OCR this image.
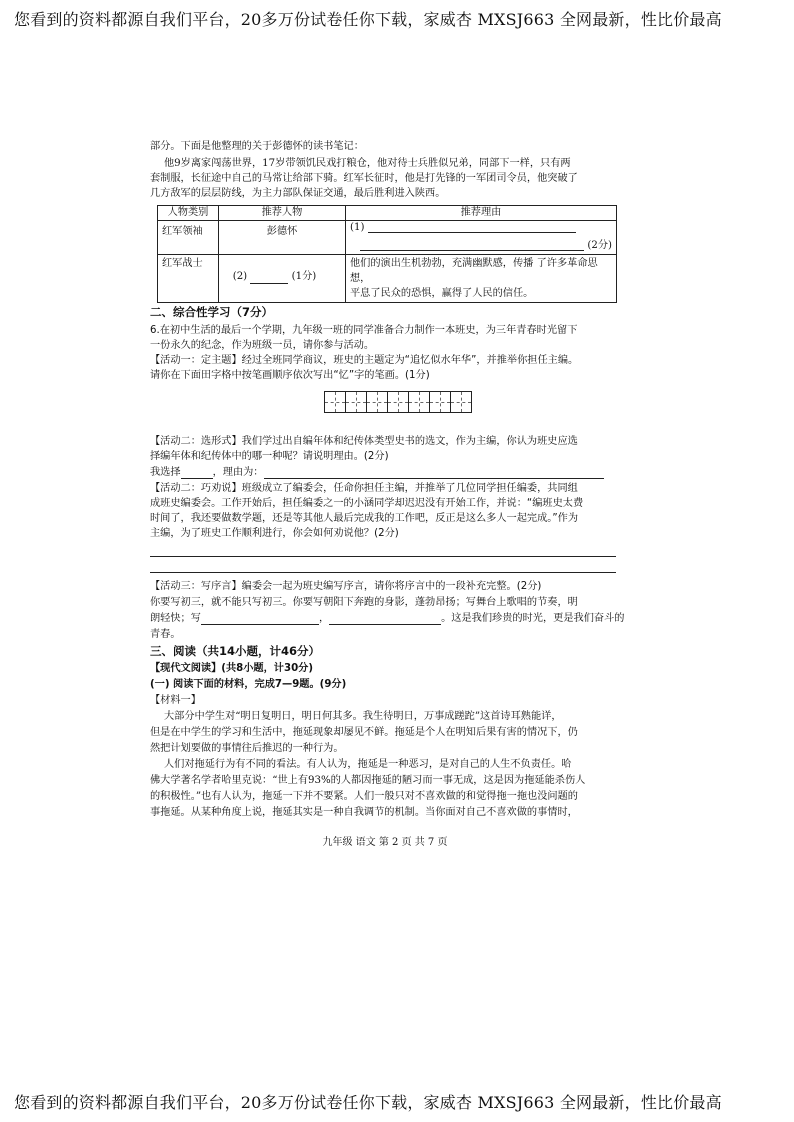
您看到的资料都源自我们平台，20多万份试卷任你下载，家威杏 MXSJ663 全网最新，性比价最高
部分。下面是他整理的关于彭德怀的读书笔记：
他9岁离家闯荡世界，17岁带领饥民戏打粮仓，他对待士兵胜似兄弟，同部下一样，只有两
套制服，长征途中自己的马常让给部下骑。红军长征时，他是打先锋的一军团司令员，他突破了
几方敌军的层层防线，为主力部队保证交通，最后胜利进入陕西。
人物类别	推荐人物	推荐理由
红军领袖	彭德怀	(1)
(2分)

红军战士	(2) (1分)	他们的演出生机勃勃，充满幽默感，传播 了许多革命思想，
平息了民众的恐惧，赢得了人民的信任。
二、综合性学习（7分）
6.在初中生活的最后一个学期，九年级一班的同学准备合力制作一本班史，为三年青春时光留下
一份永久的纪念，作为班级一员，请你参与活动。
【活动一：定主题】经过全班同学商议，班史的主题定为“追忆似水年华”，并推举你担任主编。
请你在下面田字格中按笔画顺序依次写出“忆”字的笔画。(1分)
【活动二：选形式】我们学过出自编年体和纪传体类型史书的选文，作为主编，你认为班史应选
择编年体和纪传体中的哪一种呢？请说明理由。(2分)
我选择	，理由为：
【活动二：巧劝说】班级成立了编委会，任命你担任主编，并推举了几位同学担任编委，共同组
成班史编委会。工作开始后，担任编委之一的小涵同学却迟迟没有开始工作，并说：“编班史太费
时间了，我还要做数学题，还是等其他人最后完成我的工作吧，反正是这么多人一起完成。”作为
主编，为了班史工作顺利进行，你会如何劝说他？(2分)
【活动三：写序言】编委会一起为班史编写序言，请你将序言中的一段补充完整。(2分)
你要写初三，就不能只写初三。你要写朝阳下奔跑的身影，蓬勃昂扬；写舞台上歌唱的节奏，明
朗轻快；写	，	。这是我们珍贵的时光，更是我们奋斗的
青春。
三、阅读（共14小题，计46分）
【现代文阅读】(共8小题，计30分)
(一) 阅读下面的材料，完成7—9题。(9分)
【材料一】
大部分中学生对“明日复明日，明日何其多。我生待明日，万事成蹉跎”这首诗耳熟能详，
但是在中学生的学习和生活中，拖延现象却屡见不鲜。拖延是个人在明知后果有害的情况下，仍
然把计划要做的事情往后推迟的一种行为。
人们对拖延行为有不同的看法。有人认为，拖延是一种恶习，是对自己的人生不负责任。哈
佛大学著名学者哈里克说：“世上有93%的人都因拖延的陋习而一事无成，这是因为拖延能杀伤人
的积极性。”也有人认为，拖延一下并不要紧。人们一般只对不喜欢做的和觉得拖一拖也没问题的
事拖延。从某种角度上说，拖延其实是一种自我调节的机制。当你面对自己不喜欢做的事情时，
九年级 语文 第 2 页 共 7 页
您看到的资料都源自我们平台，20多万份试卷任你下载，家威杏 MXSJ663 全网最新，性比价最高
